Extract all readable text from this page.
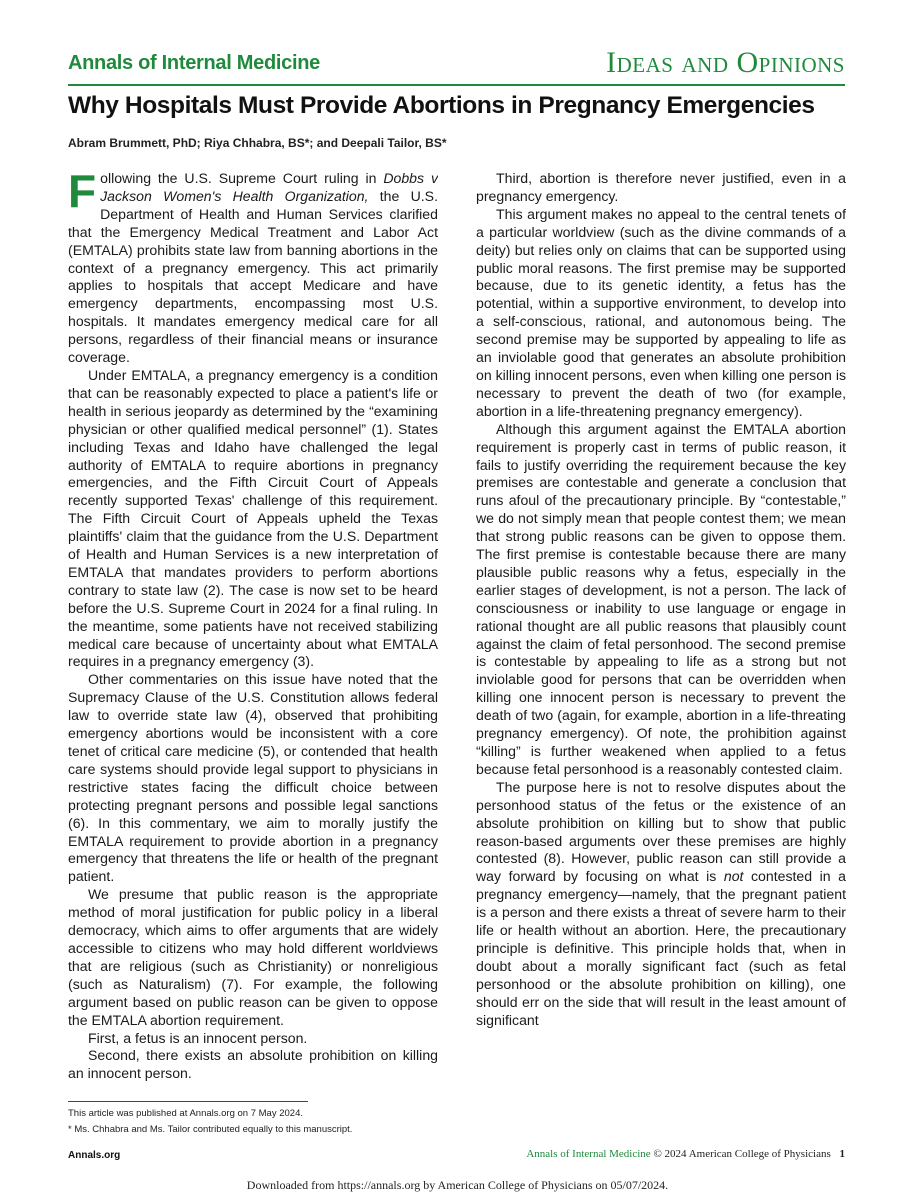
Annals of Internal Medicine	Ideas and Opinions
Why Hospitals Must Provide Abortions in Pregnancy Emergencies
Abram Brummett, PhD; Riya Chhabra, BS*; and Deepali Tailor, BS*

Following the U.S. Supreme Court ruling in Dobbs v Jackson Women's Health Organization, the U.S. Department of Health and Human Services clarified that the Emergency Medical Treatment and Labor Act (EMTALA) prohibits state law from banning abortions in the context of a pregnancy emergency. This act primarily applies to hospitals that accept Medicare and have emergency departments, encompassing most U.S. hospitals. It mandates emergency medical care for all persons, regardless of their financial means or insurance coverage.

Under EMTALA, a pregnancy emergency is a condition that can be reasonably expected to place a patient's life or health in serious jeopardy as determined by the “examining physician or other qualified medical personnel” (1). States including Texas and Idaho have challenged the legal authority of EMTALA to require abortions in pregnancy emergencies, and the Fifth Circuit Court of Appeals recently supported Texas' challenge of this requirement. The Fifth Circuit Court of Appeals upheld the Texas plaintiffs' claim that the guidance from the U.S. Department of Health and Human Services is a new interpretation of EMTALA that mandates providers to perform abortions contrary to state law (2). The case is now set to be heard before the U.S. Supreme Court in 2024 for a final ruling. In the meantime, some patients have not received stabilizing medical care because of uncertainty about what EMTALA requires in a pregnancy emergency (3).

Other commentaries on this issue have noted that the Supremacy Clause of the U.S. Constitution allows federal law to override state law (4), observed that prohibiting emergency abortions would be inconsistent with a core tenet of critical care medicine (5), or contended that health care systems should provide legal support to physicians in restrictive states facing the difficult choice between protecting pregnant persons and possible legal sanctions (6). In this commentary, we aim to morally justify the EMTALA requirement to provide abortion in a pregnancy emergency that threatens the life or health of the pregnant patient.

We presume that public reason is the appropriate method of moral justification for public policy in a liberal democracy, which aims to offer arguments that are widely accessible to citizens who may hold different worldviews that are religious (such as Christianity) or nonreligious (such as Naturalism) (7). For example, the following argument based on public reason can be given to oppose the EMTALA abortion requirement.

First, a fetus is an innocent person.

Second, there exists an absolute prohibition on killing an innocent person.

Third, abortion is therefore never justified, even in a pregnancy emergency.

This argument makes no appeal to the central tenets of a particular worldview (such as the divine commands of a deity) but relies only on claims that can be supported using public moral reasons. The first premise may be supported because, due to its genetic identity, a fetus has the potential, within a supportive environment, to develop into a self-conscious, rational, and autonomous being. The second premise may be supported by appealing to life as an inviolable good that generates an absolute prohibition on killing innocent persons, even when killing one person is necessary to prevent the death of two (for example, abortion in a life-threatening pregnancy emergency).

Although this argument against the EMTALA abortion requirement is properly cast in terms of public reason, it fails to justify overriding the requirement because the key premises are contestable and generate a conclusion that runs afoul of the precautionary principle. By “contestable,” we do not simply mean that people contest them; we mean that strong public reasons can be given to oppose them. The first premise is contestable because there are many plausible public reasons why a fetus, especially in the earlier stages of development, is not a person. The lack of consciousness or inability to use language or engage in rational thought are all public reasons that plausibly count against the claim of fetal personhood. The second premise is contestable by appealing to life as a strong but not inviolable good for persons that can be overridden when killing one innocent person is necessary to prevent the death of two (again, for example, abortion in a life-threating pregnancy emergency). Of note, the prohibition against “killing” is further weakened when applied to a fetus because fetal personhood is a reasonably contested claim.

The purpose here is not to resolve disputes about the personhood status of the fetus or the existence of an absolute prohibition on killing but to show that public reason-based arguments over these premises are highly contested (8). However, public reason can still provide a way forward by focusing on what is not contested in a pregnancy emergency—namely, that the pregnant patient is a person and there exists a threat of severe harm to their life or health without an abortion. Here, the precautionary principle is definitive. This principle holds that, when in doubt about a morally significant fact (such as fetal personhood or the absolute prohibition on killing), one should err on the side that will result in the least amount of significant

This article was published at Annals.org on 7 May 2024.
* Ms. Chhabra and Ms. Tailor contributed equally to this manuscript.
Annals.org	Annals of Internal Medicine © 2024 American College of Physicians 1
Downloaded from https://annals.org by American College of Physicians on 05/07/2024.
